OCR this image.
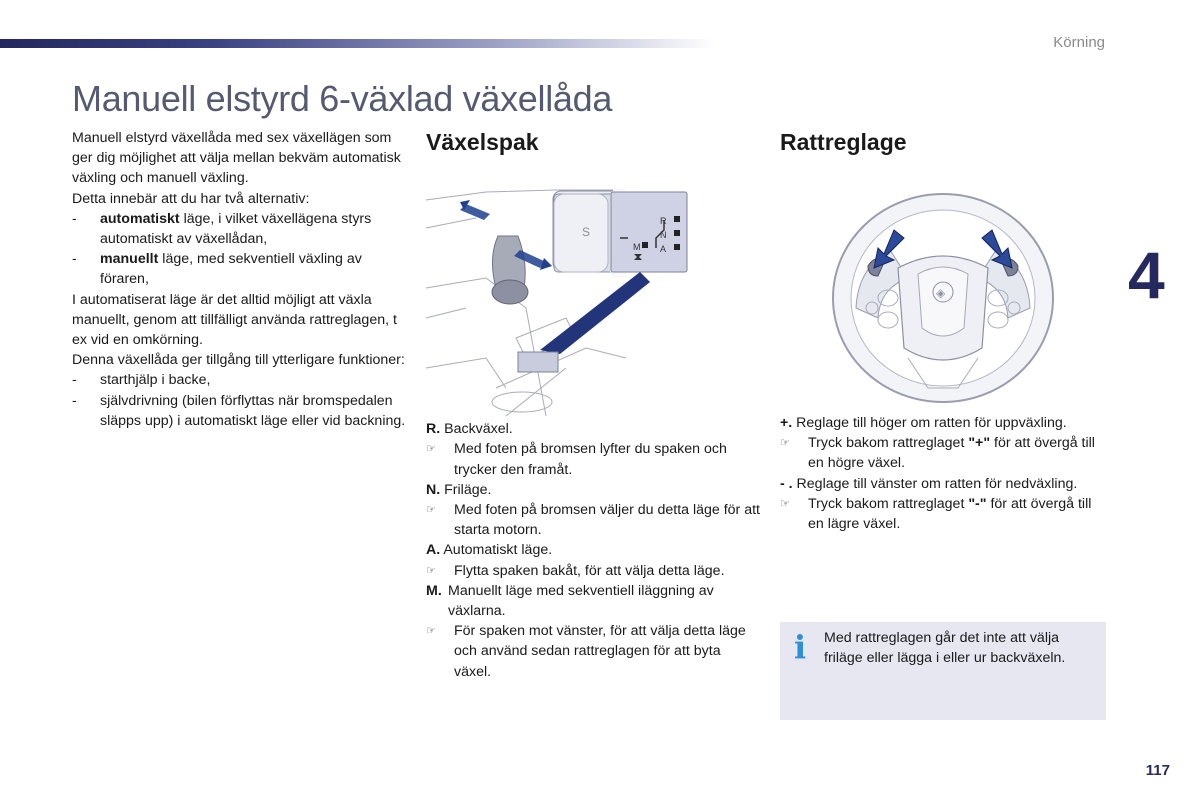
Körning
4
Manuell elstyrd 6-växlad växellåda

Manuell elstyrd växellåda med sex växellägen som ger dig möjlighet att välja mellan bekväm automatisk växling och manuell växling.

Detta innebär att du har två alternativ:

- automatiskt läge, i vilket växellägena styrs automatiskt av växellådan,
- manuellt läge, med sekventiell växling av föraren,

I automatiserat läge är det alltid möjligt att växla manuellt, genom att tillfälligt använda rattreglagen, t ex vid en omkörning.

Denna växellåda ger tillgång till ytterligare funktioner:

- starthjälp i backe,
- självdrivning (bilen förflyttas när bromspedalen släpps upp) i automatiskt läge eller vid backning.
Växelspak
S
R
N
A
M

R. Backväxel.

☞ Med foten på bromsen lyfter du spaken och trycker den framåt.

N. Friläge.

☞ Med foten på bromsen väljer du detta läge för att starta motorn.

A. Automatiskt läge.

☞ Flytta spaken bakåt, för att välja detta läge.
M. Manuellt läge med sekventiell iläggning av växlarna.
☞ För spaken mot vänster, för att välja detta läge och använd sedan rattreglagen för att byta växel.
Rattreglage
◈

+. Reglage till höger om ratten för uppväxling.

☞ Tryck bakom rattreglaget "+" för att övergå till en högre växel.

- . Reglage till vänster om ratten för nedväxling.

☞ Tryck bakom rattreglaget "-" för att övergå till en lägre växel.
i Med rattreglagen går det inte att välja friläge eller lägga i eller ur backväxeln.
117
